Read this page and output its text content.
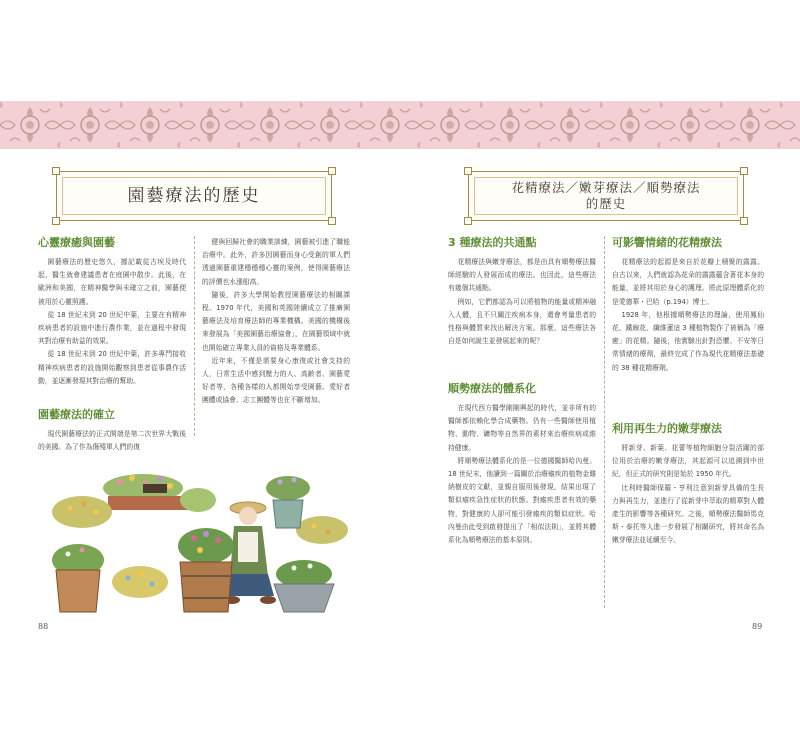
園藝療法的歷史	花精療法／嫩芽療法／順勢療法
的歷史
心靈療癒與園藝

園藝療法的歷史悠久，據記載從古埃及時代起，醫生就會建議患者在庭園中散步。此後，在歐洲和美國，在精神醫學與未確立之前，園藝便被用於心靈照護。

從 18 世紀末到 20 世紀中葉，主要在有精神疾病患者的設施中進行農作業，並在過程中發現其對治療有助益的效果。

從 18 世紀末到 20 世紀中葉，許多專門接收精神疾病患者的設施開始觀察到患者從事農作活動，並逐漸發現其對治療的幫助。

園藝療法的確立

現代園藝療法的正式開端是第二次世界大戰後的美國。為了作為傷殘軍人們的復

健與回歸社會的職業訓練，園藝被引進了職能治療中。此外，許多因園藝而身心受創的軍人們透過園藝重建穩穩穩心靈的案例，使得園藝療法的評價也水漲船高。

隨後，許多大學開始教授園藝療法的相關課程。1970 年代，美國和英國陸續成立了推廣園藝療法及培育療法師的專業機構。美國的機構後來發展為「美國園藝治療協會」，在園藝領域中就也開始確立專業人員的資格及專業體系。

近年來，不僅是需要身心康復或社會支持的人，日常生活中感到壓力的人、高齡者、園藝愛好者等，各種各樣的人都開始享受園藝。愛好者團體或協會、志工團體等也在不斷增加。

88
3 種療法的共通點

花精療法與嫩芽療法，都是由具有順勢療法醫師經驗的人發展而成的療法。也因此，這些療法有幾個共通點。

例如，它們都認為可以將植物的能量或精神融入人體，且不只關注疾病本身，還會考量患者的性格與體質來找出解決方案。那麼，這些療法各自是如何誕生並發展起來的呢？

順勢療法的體系化

在現代西方醫學剛剛興起的時代，並非所有的醫師都依賴化學合成藥物。仍有一些醫師使用植物、動物、礦物等自然界的素材來治療疾病或維持健康。

將順勢療法體系化的是一位德國醫師哈內曼。18 世紀末，他讀到一篇關於治療瘧疾的植物金雞納樹皮的文獻，並親自服用後發現，結果出現了類似瘧疾急性症狀的狀態。對瘧疾患者有效的藥物，對健康的人卻可能引發瘧疾的類似症狀。哈內曼由此受到啟發提出了「相似法則」，並將其體系化為順勢療法的基本原則。

可影響情緒的花精療法

花精療法的起源是來自於花瓣上積聚的露露。自古以來，人們就認為花朵的露露蘊含著花本身的能量，並將其用於身心的護理。將此原理體系化的是愛德華・巴哈（p.194）博士。

1928 年，他根據順勢療法的理論，使用鳳仙花、鐵線花、纖維蓮這 3 種植物製作了被稱為「療癒」的花精。隨後，他實驗出針對恐懼、不安等日常情緒的療劑，最終完成了作為現代花精療法基礎的 38 種花精療劑。

利用再生力的嫩芽療法

將新芽、新葉、花蕾等植物細胞分裂活躍的部位用於治療的嫩芽療法，其起源可以追溯到中世紀，但正式的研究則是始於 1950 年代。

比利時醫師保羅・亨利注意到新芽具備的生長力與再生力，並進行了從新芽中萃取的精華對人體產生的影響等各種研究。之後，順勢療法醫師馬克斯・泰托等人進一步發展了相關研究，將其命名為嫩芽療法並延續至今。

89
